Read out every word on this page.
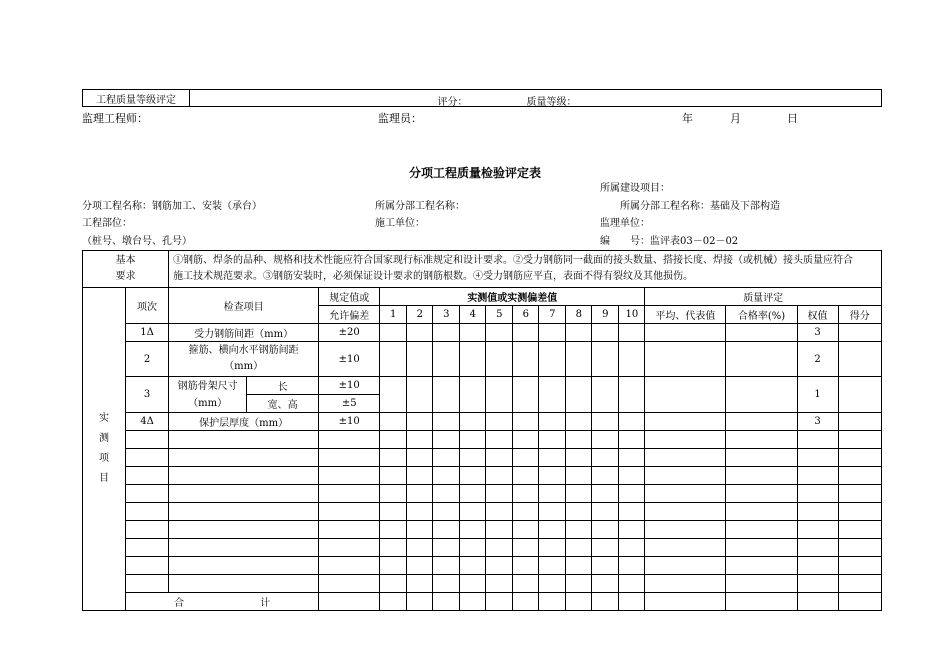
工程质量等级评定	评分：	质量等级：
监理工程师：	监理员：	年	月	日
分项工程质量检验评定表
所属建设项目：
分项工程名称：钢筋加工、安装（承台）	所属分部工程名称：	所属分部工程名称：基础及下部构造
工程部位：	施工单位：	监理单位：
（桩号、墩台号、孔号）	编　　号：监评表03－02－02
基本
要求		①钢筋、焊条的品种、规格和技术性能应符合国家现行标准规定和设计要求。②受力钢筋同一截面的接头数量、搭接长度、焊接（或机械）接头质量应符合
施工技术规范要求。③钢筋安装时，必须保证设计要求的钢筋根数。④受力钢筋应平直，表面不得有裂纹及其他损伤。																
实测项目	项次	检查项目		规定值或	实测值或实测偏差值										质量评定			
				允许偏差	1	2	3	4	5	6	7	8	9	10	平均、代表值	合格率(%)	权值	得分
	1Δ	受力钢筋间距（mm）		±20													3	
	2	箍筋、横向水平钢筋间距
（mm）		±10													2	
	3	钢筋骨架尺寸
（mm）	长	±10													1	
			宽、高	±5														
	4Δ	保护层厚度（mm）		±10													3	

	合 计																	
